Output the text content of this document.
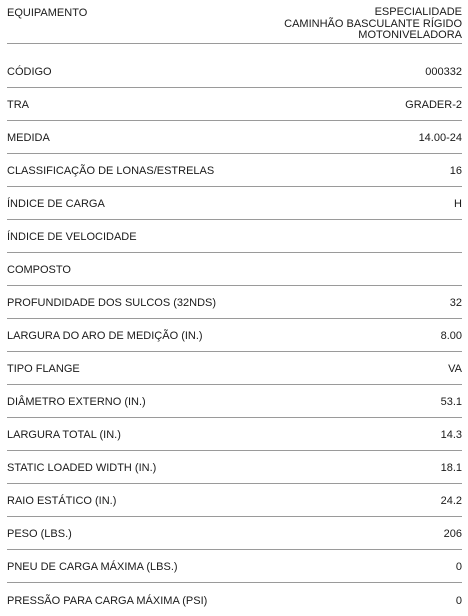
EQUIPAMENTO	ESPECIALIDADE
CAMINHÃO BASCULANTE RÍGIDO
MOTONIVELADORA
CÓDIGO	000332
TRA	GRADER-2
MEDIDA	14.00-24
CLASSIFICAÇÃO DE LONAS/ESTRELAS	16
ÍNDICE DE CARGA	H
ÍNDICE DE VELOCIDADE
COMPOSTO
PROFUNDIDADE DOS SULCOS (32NDS)	32
LARGURA DO ARO DE MEDIÇÃO (IN.)	8.00
TIPO FLANGE	VA
DIÂMETRO EXTERNO (IN.)	53.1
LARGURA TOTAL (IN.)	14.3
STATIC LOADED WIDTH (IN.)	18.1
RAIO ESTÁTICO (IN.)	24.2
PESO (LBS.)	206
PNEU DE CARGA MÁXIMA (LBS.)	0
PRESSÃO PARA CARGA MÁXIMA (PSI)	0
